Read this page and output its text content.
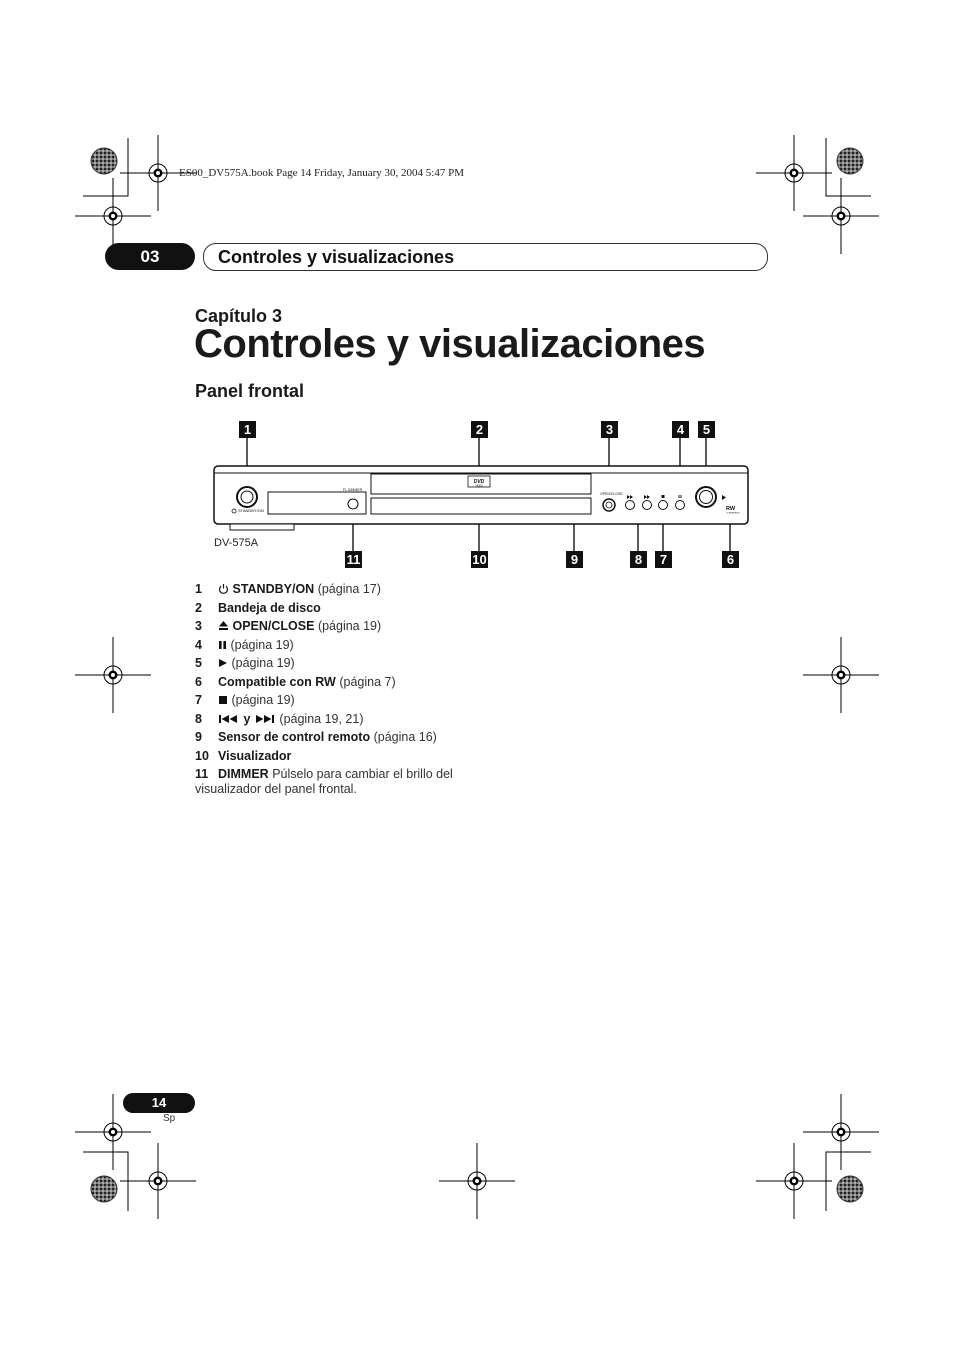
ES00_DV575A.book Page 14 Friday, January 30, 2004 5:47 PM
03	Controles y visualizaciones
Capítulo 3
Controles y visualizaciones
Panel frontal
STANDBY/ON
FL DIMMER
DVD
VIDEO
OPEN/CLOSE
RW
COMPATIBLE
1	2	3	4	5
11	10	9	8	7	6
DV-575A
1	STANDBY/ON (página 17)
2 Bandeja de disco
3	OPEN/CLOSE (página 19)
4	(página 19)
5	(página 19)
6 Compatible con RW (página 7)
7	(página 19)
8	y (página 19, 21)
9 Sensor de control remoto (página 16)
10 Visualizador
11 DIMMER Púlselo para cambiar el brillo del visualizador del panel frontal.
14
Sp
